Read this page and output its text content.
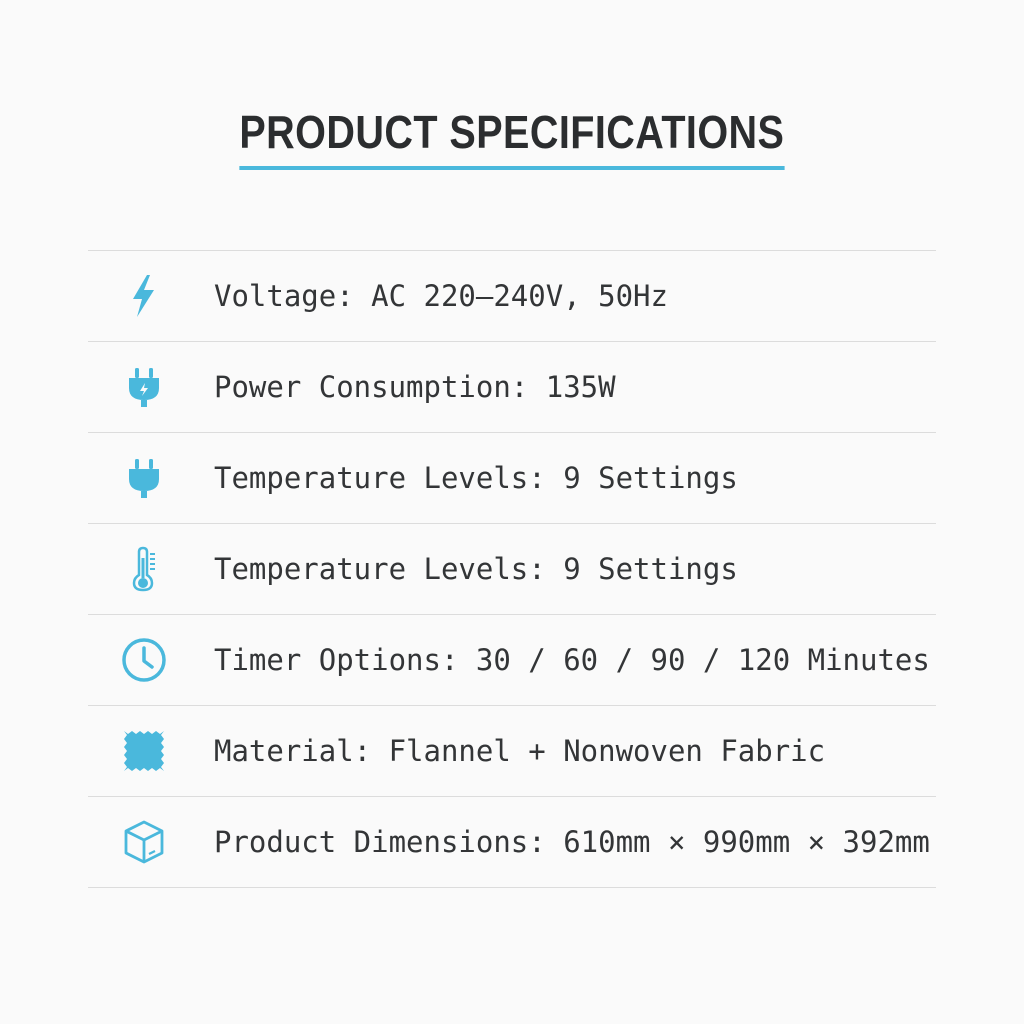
PRODUCT SPECIFICATIONS
Voltage: AC 220–240V, 50Hz
Power Consumption: 135W
Temperature Levels: 9 Settings
Temperature Levels: 9 Settings
Timer Options: 30 / 60 / 90 / 120 Minutes
Material: Flannel + Nonwoven Fabric
Product Dimensions: 610mm × 990mm × 392mm
